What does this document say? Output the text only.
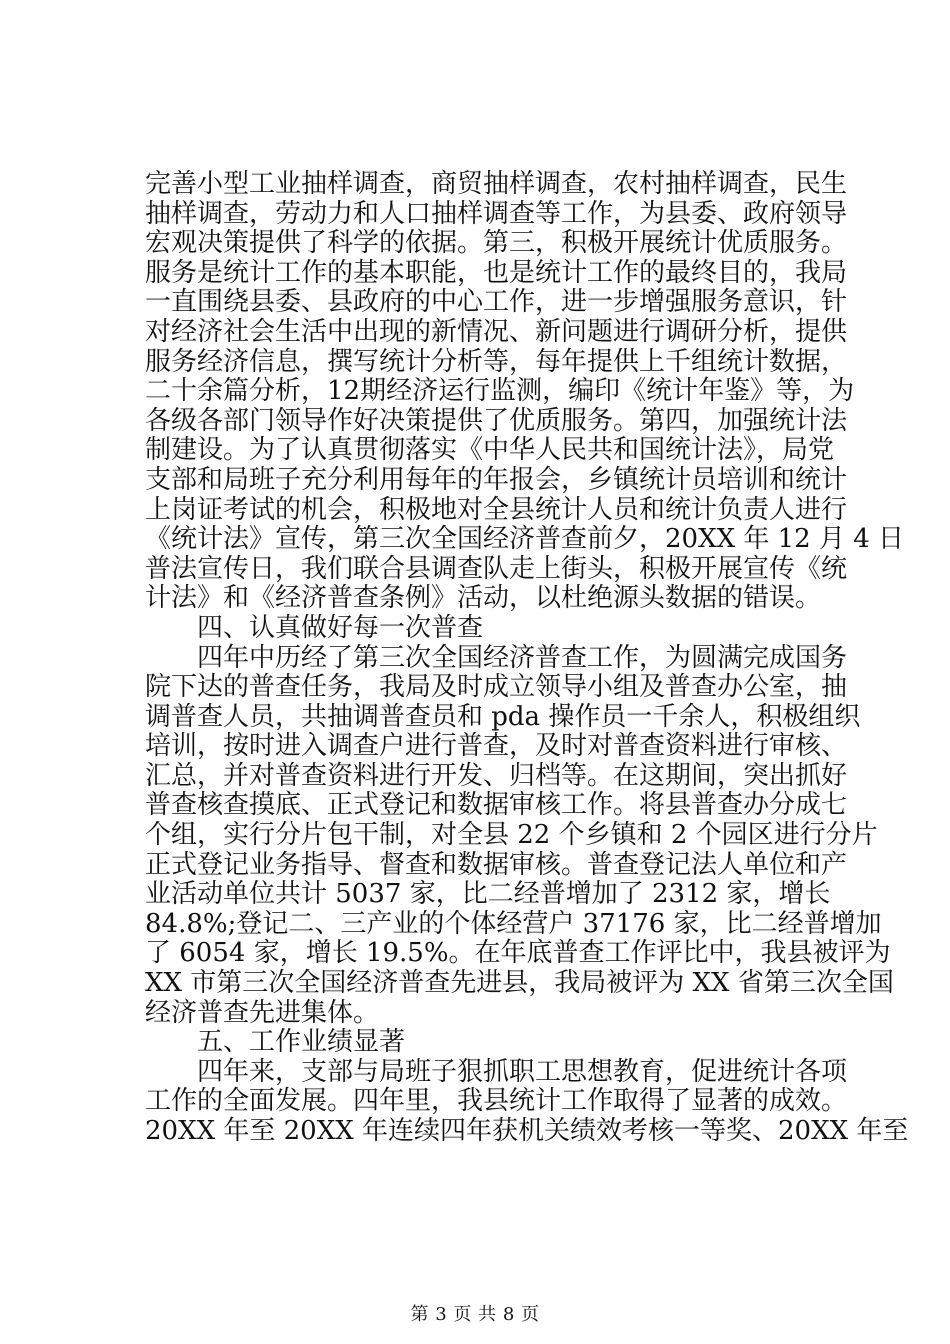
完善小型工业抽样调查，商贸抽样调查，农村抽样调查，民生
抽样调查，劳动力和人口抽样调查等工作，为县委、政府领导
宏观决策提供了科学的依据。第三，积极开展统计优质服务。
服务是统计工作的基本职能，也是统计工作的最终目的，我局
一直围绕县委、县政府的中心工作，进一步增强服务意识，针
对经济社会生活中出现的新情况、新问题进行调研分析，提供
服务经济信息，撰写统计分析等，每年提供上千组统计数据，
二十余篇分析，12期经济运行监测，编印《统计年鉴》等，为
各级各部门领导作好决策提供了优质服务。第四，加强统计法
制建设。为了认真贯彻落实《中华人民共和国统计法》，局党
支部和局班子充分利用每年的年报会，乡镇统计员培训和统计
上岗证考试的机会，积极地对全县统计人员和统计负责人进行
《统计法》宣传，第三次全国经济普查前夕，20XX 年 12 月 4 日
普法宣传日，我们联合县调查队走上街头，积极开展宣传《统
计法》和《经济普查条例》活动，以杜绝源头数据的错误。
四、认真做好每一次普查
四年中历经了第三次全国经济普查工作，为圆满完成国务
院下达的普查任务，我局及时成立领导小组及普查办公室，抽
调普查人员，共抽调普查员和 pda 操作员一千余人，积极组织
培训，按时进入调查户进行普查，及时对普查资料进行审核、
汇总，并对普查资料进行开发、归档等。在这期间，突出抓好
普查核查摸底、正式登记和数据审核工作。将县普查办分成七
个组，实行分片包干制，对全县 22 个乡镇和 2 个园区进行分片
正式登记业务指导、督查和数据审核。普查登记法人单位和产
业活动单位共计 5037 家，比二经普增加了 2312 家，增长
84.8%;登记二、三产业的个体经营户 37176 家，比二经普增加
了 6054 家，增长 19.5%。在年底普查工作评比中，我县被评为
XX 市第三次全国经济普查先进县，我局被评为 XX 省第三次全国
经济普查先进集体。
五、工作业绩显著
四年来，支部与局班子狠抓职工思想教育，促进统计各项
工作的全面发展。四年里，我县统计工作取得了显著的成效。
20XX 年至 20XX 年连续四年获机关绩效考核一等奖、20XX 年至
第 3 页 共 8 页
